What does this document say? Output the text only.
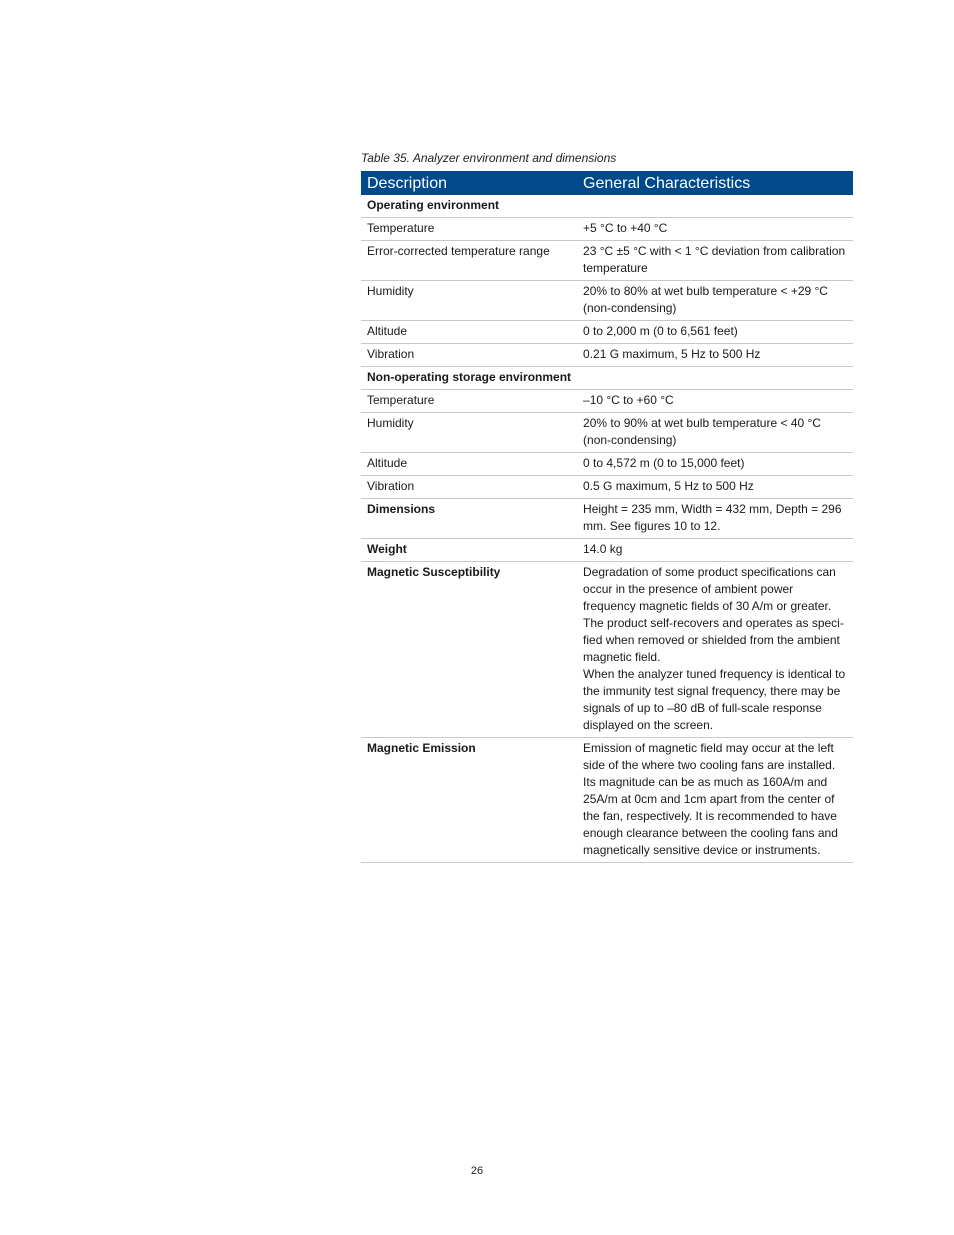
Table 35. Analyzer environment and dimensions
Description	General Characteristics
Operating environment	
Temperature	+5 °C to +40 °C
Error-corrected temperature range	23 °C ±5 °C with < 1 °C deviation from calibration temperature
Humidity	20% to 80% at wet bulb temperature < +29 °C (non-condensing)
Altitude	0 to 2,000 m (0 to 6,561 feet)
Vibration	0.21 G maximum, 5 Hz to 500 Hz
Non-operating storage environment	
Temperature	–10 °C to +60 °C
Humidity	20% to 90% at wet bulb temperature < 40 °C (non-condensing)
Altitude	0 to 4,572 m (0 to 15,000 feet)
Vibration	0.5 G maximum, 5 Hz to 500 Hz
Dimensions	Height = 235 mm, Width = 432 mm, Depth = 296 mm. See figures 10 to 12.
Weight	14.0 kg
Magnetic Susceptibility	Degradation of some product specifications can occur in the presence of ambient power frequency magnetic fields of 30 A/m or greater.
The product self-recovers and operates as speci-fied when removed or shielded from the ambient magnetic field.
When the analyzer tuned frequency is identical to the immunity test signal frequency, there may be signals of up to –80 dB of full-scale response displayed on the screen.

Magnetic Emission	Emission of magnetic field may occur at the left side of the where two cooling fans are installed. Its magnitude can be as much as 160A/m and 25A/m at 0cm and 1cm apart from the center of the fan, respectively. It is recommended to have enough clearance between the cooling fans and magnetically sensitive device or instruments.
26
